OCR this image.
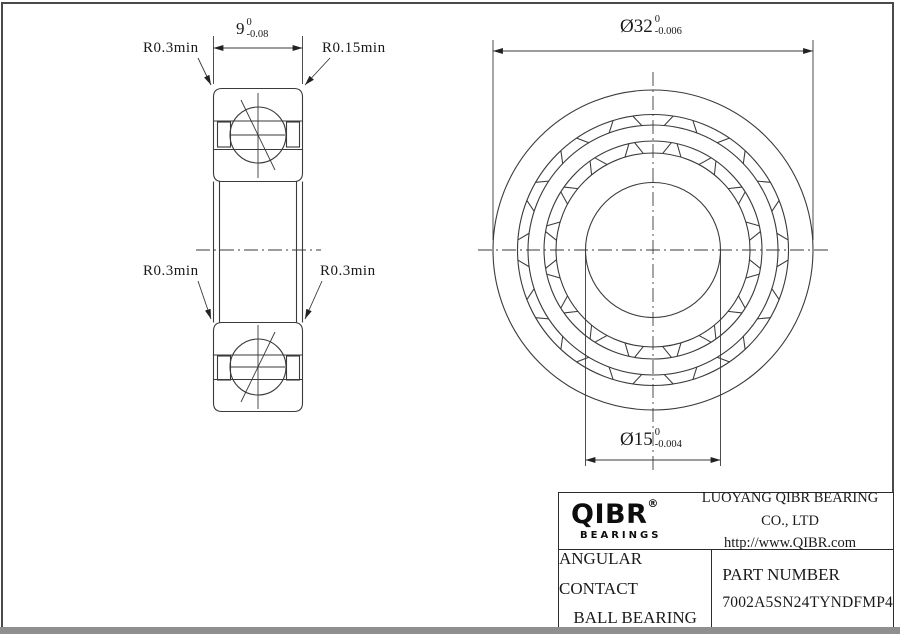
9 0
-0.08
R0.3min	R0.15min
R0.3min	R0.3min
Ø32 0
-0.006
Ø15 0
-0.004
QIBR®
BEARINGS
LUOYANG QIBR BEARING CO., LTD
http://www.QIBR.com
ANGULAR CONTACT
BALL BEARING
PART NUMBER
7002A5SN24TYNDFMP4
